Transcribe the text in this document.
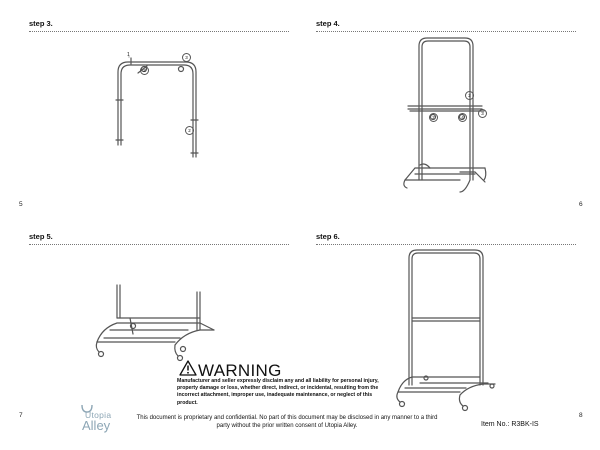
step 3.	step 4.
step 5.	step 6.
5	6
7	8
1	3
2
3
2
3
2	4
WARNING
Manufacturer and seller expressly disclaim any and all liability for personal injury, property damage or loss, whether direct, indirect, or incidental, resulting from the incorrect attachment, improper use, inadequate maintenance, or neglect of this product.
Utopia
Alley	This document is proprietary and confidential. No part of this document may be disclosed in any manner to a third party without the prior written consent of Utopia Alley.	Item No.: R3BK-IS
